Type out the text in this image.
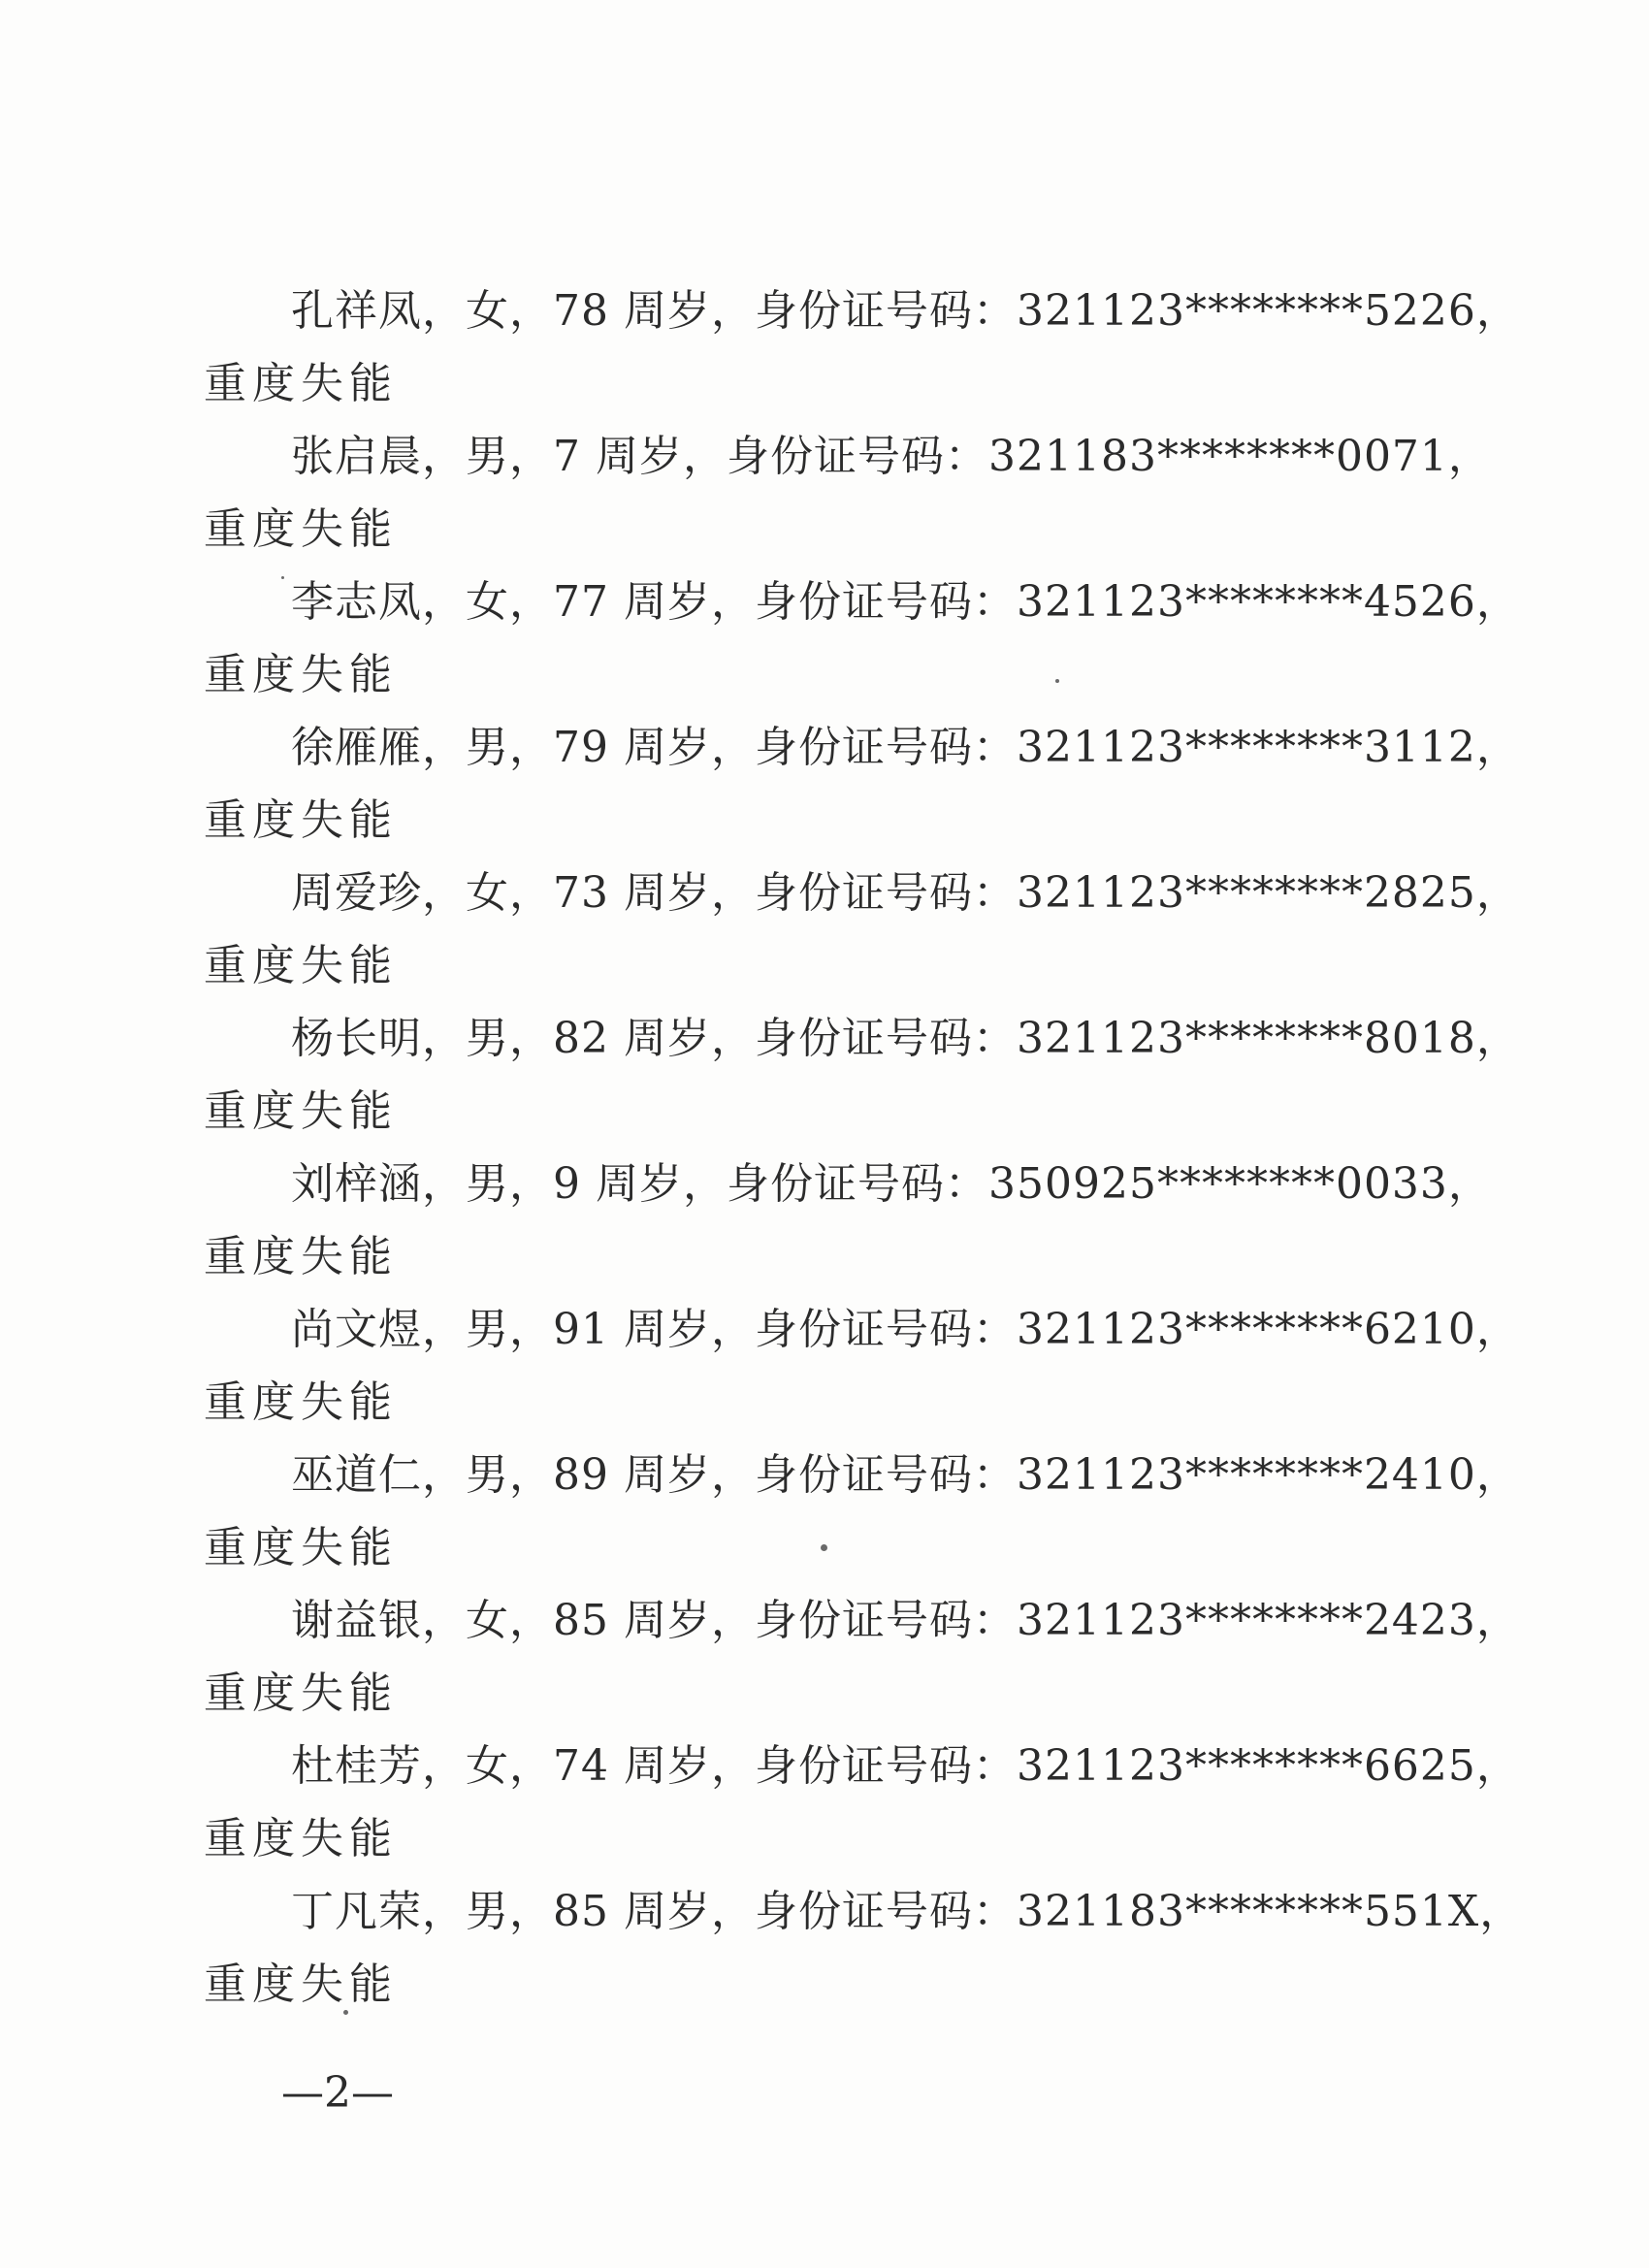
孔祥凤，女，78 周岁，身份证号码：321123********5226，
重度失能
张启晨，男，7 周岁，身份证号码：321183********0071，
重度失能
李志凤，女，77 周岁，身份证号码：321123********4526，
重度失能
徐雁雁，男，79 周岁，身份证号码：321123********3112，
重度失能
周爱珍，女，73 周岁，身份证号码：321123********2825，
重度失能
杨长明，男，82 周岁，身份证号码：321123********8018，
重度失能
刘梓涵，男，9 周岁，身份证号码：350925********0033，
重度失能
尚文煜，男，91 周岁，身份证号码：321123********6210，
重度失能
巫道仁，男，89 周岁，身份证号码：321123********2410，
重度失能
谢益银，女，85 周岁，身份证号码：321123********2423，
重度失能
杜桂芳，女，74 周岁，身份证号码：321123********6625，
重度失能
丁凡荣，男，85 周岁，身份证号码：321183********551X，
重度失能
—2—
